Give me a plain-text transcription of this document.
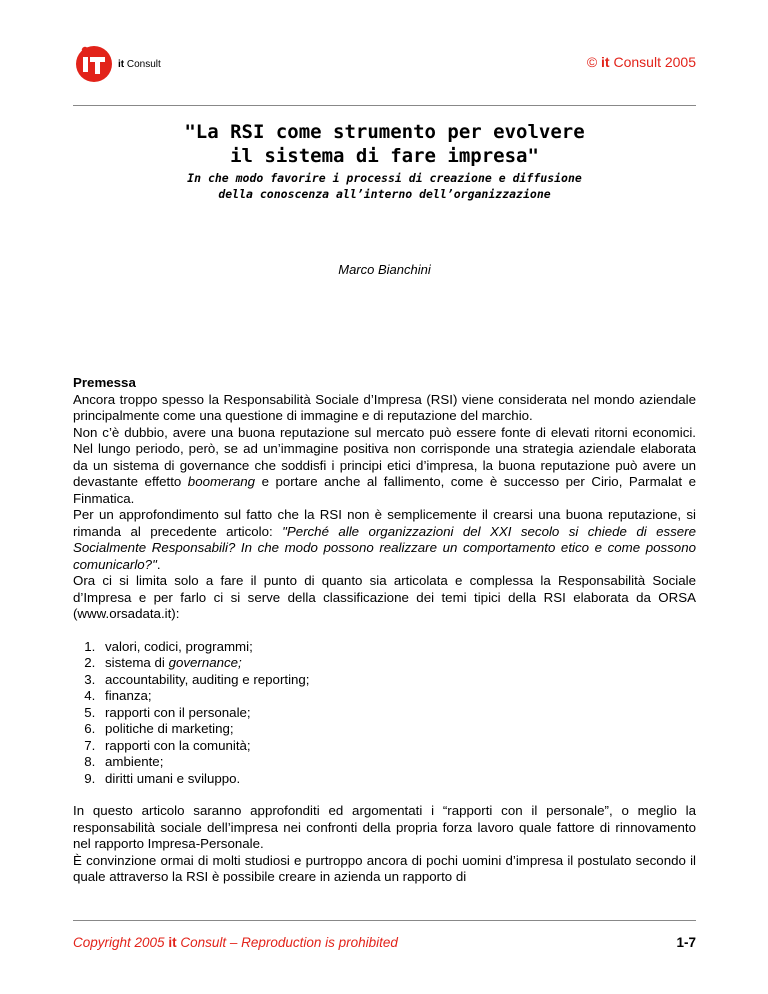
it Consult	© it Consult 2005
"La RSI come strumento per evolvere
il sistema di fare impresa"
In che modo favorire i processi di creazione e diffusione
della conoscenza all’interno dell’organizzazione
Marco Bianchini
Premessa

Ancora troppo spesso la Responsabilità Sociale d’Impresa (RSI) viene considerata nel mondo aziendale principalmente come una questione di immagine e di reputazione del marchio.

Non c’è dubbio, avere una buona reputazione sul mercato può essere fonte di elevati ritorni economici. Nel lungo periodo, però, se ad un’immagine positiva non corrisponde una strategia aziendale elaborata da un sistema di governance che soddisfi i principi etici d’impresa, la buona reputazione può avere un devastante effetto boomerang e portare anche al fallimento, come è successo per Cirio, Parmalat e Finmatica.

Per un approfondimento sul fatto che la RSI non è semplicemente il crearsi una buona reputazione, si rimanda al precedente articolo: "Perché alle organizzazioni del XXI secolo si chiede di essere Socialmente Responsabili? In che modo possono realizzare un comportamento etico e come possono comunicarlo?".

Ora ci si limita solo a fare il punto di quanto sia articolata e complessa la Responsabilità Sociale d’Impresa e per farlo ci si serve della classificazione dei temi tipici della RSI elaborata da ORSA (www.orsadata.it):

1. valori, codici, programmi;
2. sistema di governance;
3. accountability, auditing e reporting;
4. finanza;
5. rapporti con il personale;
6. politiche di marketing;
7. rapporti con la comunità;
8. ambiente;
9. diritti umani e sviluppo.

In questo articolo saranno approfonditi ed argomentati i “rapporti con il personale”, o meglio la responsabilità sociale dell’impresa nei confronti della propria forza lavoro quale fattore di rinnovamento nel rapporto Impresa-Personale.

È convinzione ormai di molti studiosi e purtroppo ancora di pochi uomini d’impresa il postulato secondo il quale attraverso la RSI è possibile creare in azienda un rapporto di

Copyright 2005 it Consult – Reproduction is prohibited	1-7
